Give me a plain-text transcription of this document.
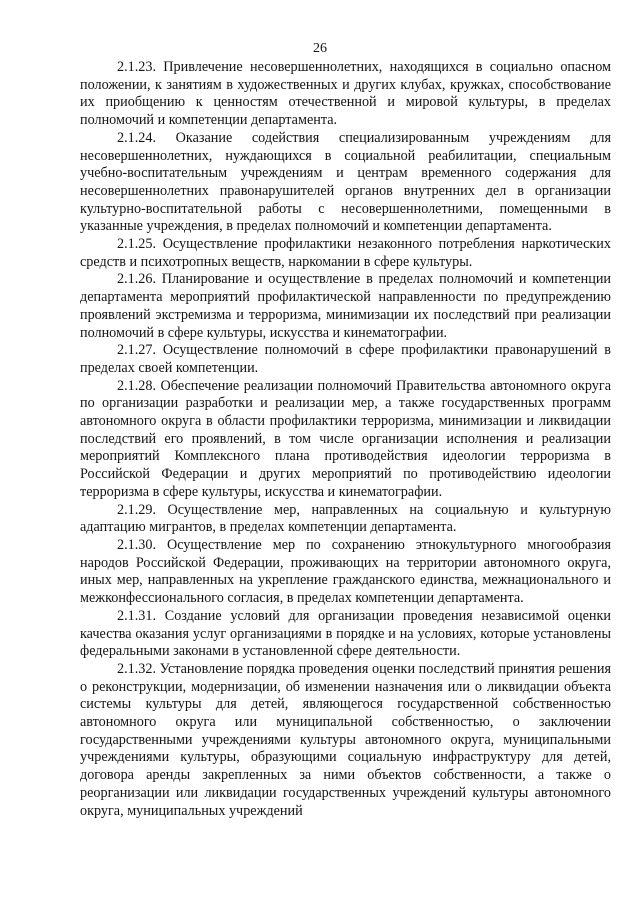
26

2.1.23. Привлечение несовершеннолетних, находящихся в социально опасном положении, к занятиям в художественных и других клубах, кружках, способствование их приобщению к ценностям отечественной и мировой культуры, в пределах полномочий и компетенции департамента.

2.1.24. Оказание содействия специализированным учреждениям для несовершеннолетних, нуждающихся в социальной реабилитации, специальным учебно-воспитательным учреждениям и центрам временного содержания для несовершеннолетних правонарушителей органов внутренних дел в организации культурно-воспитательной работы с несовершеннолетними, помещенными в указанные учреждения, в пределах полномочий и компетенции департамента.

2.1.25. Осуществление профилактики незаконного потребления наркотических средств и психотропных веществ, наркомании в сфере культуры.

2.1.26. Планирование и осуществление в пределах полномочий и компетенции департамента мероприятий профилактической направленности по предупреждению проявлений экстремизма и терроризма, минимизации их последствий при реализации полномочий в сфере культуры, искусства и кинематографии.

2.1.27. Осуществление полномочий в сфере профилактики правонарушений в пределах своей компетенции.

2.1.28. Обеспечение реализации полномочий Правительства автономного округа по организации разработки и реализации мер, а также государственных программ автономного округа в области профилактики терроризма, минимизации и ликвидации последствий его проявлений, в том числе организации исполнения и реализации мероприятий Комплексного плана противодействия идеологии терроризма в Российской Федерации и других мероприятий по противодействию идеологии терроризма в сфере культуры, искусства и кинематографии.

2.1.29. Осуществление мер, направленных на социальную и культурную адаптацию мигрантов, в пределах компетенции департамента.

2.1.30. Осуществление мер по сохранению этнокультурного многообразия народов Российской Федерации, проживающих на территории автономного округа, иных мер, направленных на укрепление гражданского единства, межнационального и межконфессионального согласия, в пределах компетенции департамента.

2.1.31. Создание условий для организации проведения независимой оценки качества оказания услуг организациями в порядке и на условиях, которые установлены федеральными законами в установленной сфере деятельности.

2.1.32. Установление порядка проведения оценки последствий принятия решения о реконструкции, модернизации, об изменении назначения или о ликвидации объекта системы культуры для детей, являющегося государственной собственностью автономного округа или муниципальной собственностью, о заключении государственными учреждениями культуры автономного округа, муниципальными учреждениями культуры, образующими социальную инфраструктуру для детей, договора аренды закрепленных за ними объектов собственности, а также о реорганизации или ликвидации государственных учреждений культуры автономного округа, муниципальных учреждений
